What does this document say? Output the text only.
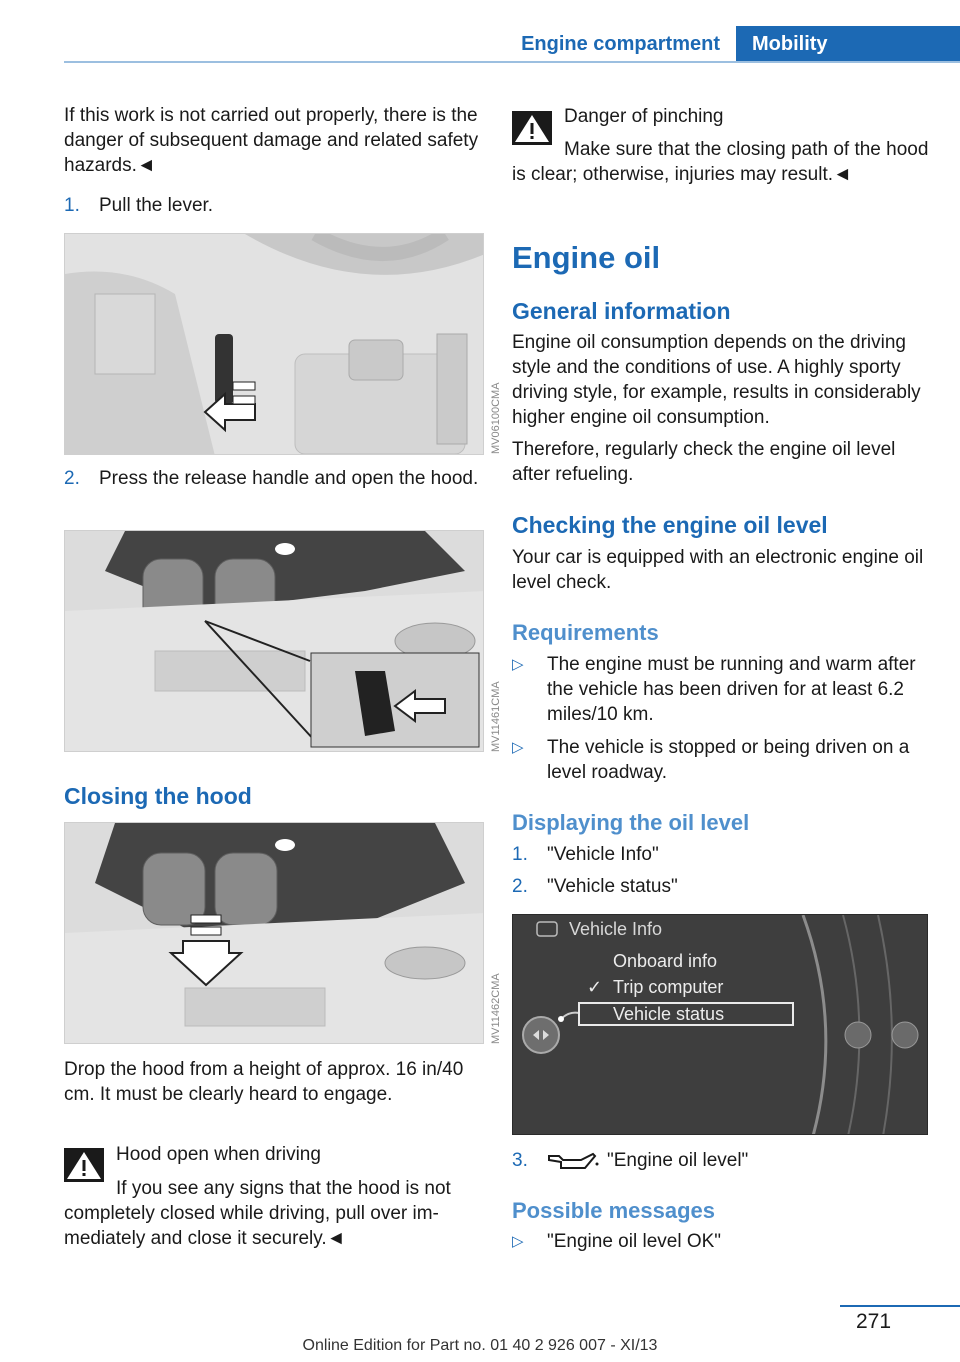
Engine compartment	Mobility

If this work is not carried out properly, there is the danger of subsequent damage and related safety hazards.◄

1. Pull the lever.

MV06100CMA
2. Press the release handle and open the hood.

MV11461CMA
Closing the hood
MV11462CMA

Drop the hood from a height of approx. 16 in/40 cm. It must be clearly heard to engage.

Hood open when driving

If you see any signs that the hood is not completely closed while driving, pull over immediately and close it securely.◄

Danger of pinching

Make sure that the closing path of the hood is clear; otherwise, injuries may result.◄

Engine oil
General information

Engine oil consumption depends on the driving style and the conditions of use. A highly sporty driving style, for example, results in considerably higher engine oil consumption.

Therefore, regularly check the engine oil level after refueling.

Checking the engine oil level

Your car is equipped with an electronic engine oil level check.

Requirements
▷ The engine must be running and warm after the vehicle has been driven for at least 6.2 miles/10 km.

▷ The vehicle is stopped or being driven on a level roadway.

Displaying the oil level
1. "Vehicle Info"

2. "Vehicle status"

Vehicle Info
Onboard info
✓ Trip computer
Vehicle status
3.	"Engine oil level"

Possible messages
▷ "Engine oil level OK"

271
Online Edition for Part no. 01 40 2 926 007 - XI/13
